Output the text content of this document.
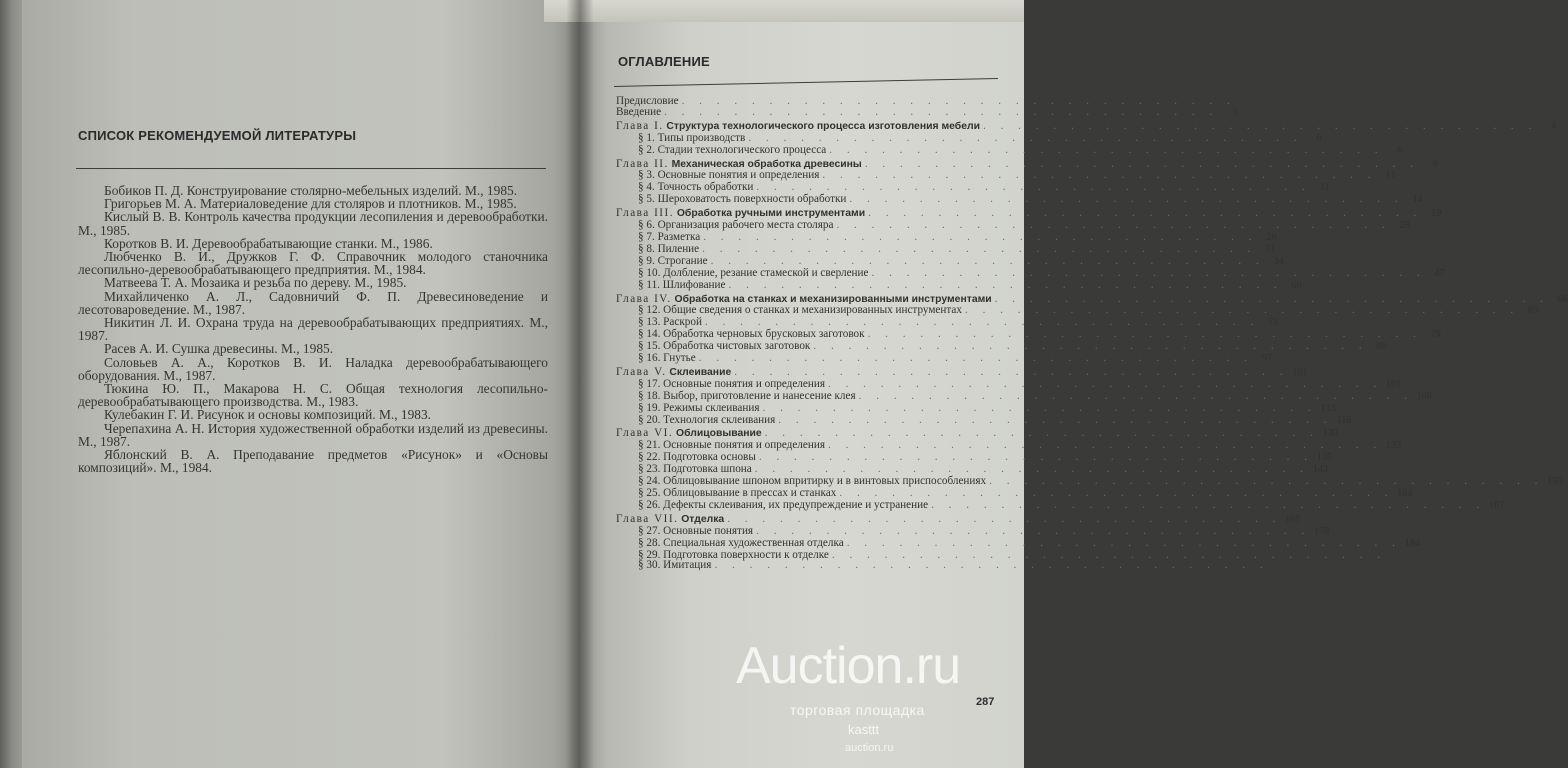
СПИСОК РЕКОМЕНДУЕМОЙ ЛИТЕРАТУРЫ

Бобиков П. Д. Конструирование столярно-мебельных изделий. М., 1985.

Григорьев М. А. Материаловедение для столяров и плотников. М., 1985.

Кислый В. В. Контроль качества продукции лесопиления и деревообработки. М., 1985.

Коротков В. И. Деревообрабатывающие станки. М., 1986.

Любченко В. И., Дружков Г. Ф. Справочник молодого станочника лесопильно-деревообрабатывающего предприятия. М., 1984.

Матвеева Т. А. Мозаика и резьба по дереву. М., 1985.

Михайличенко А. Л., Садовничий Ф. П. Древесиноведение и лесотовароведение. М., 1987.

Никитин Л. И. Охрана труда на деревообрабатывающих предприятиях. М., 1987.

Расев А. И. Сушка древесины. М., 1985.

Соловьев А. А., Коротков В. И. Наладка деревообрабатывающего оборудования. М., 1987.

Тюкина Ю. П., Макарова Н. С. Общая технология лесопильно-деревообрабатывающего производства. М., 1983.

Кулебакин Г. И. Рисунок и основы композиций. М., 1983.

Черепахина А. Н. История художественной обработки изделий из древесины. М., 1987.

Яблонский В. А. Преподавание предметов «Рисунок» и «Основы композиций». М., 1984.

ОГЛАВЛЕНИЕ
Предисловие . . . . . . . . . . . . . . . . . . . . . . . . . . . . . . . .
Введение . . . . . . . . . . . . . . . . . . . . . . . . . . . . . . . .	3
Глава I. Структура технологического процесса изготовления мебели . . . . . . . . . . . . . . . . . . . . . . . . . . . . . . . .	4
§ 1. Типы производств . . . . . . . . . . . . . . . . . . . . . . . . . . . . . . . .	6
§ 2. Стадии технологического процесса . . . . . . . . . . . . . . . . . . . . . . . . . . . . . . . .	6
Глава II. Механическая обработка древесины . . . . . . . . . . . . . . . . . . . . . . . . . . . . . . . .	8
§ 3. Основные понятия и определения . . . . . . . . . . . . . . . . . . . . . . . . . . . . . . . . 11
§ 4. Точность обработки . . . . . . . . . . . . . . . . . . . . . . . . . . . . . . . . 11
§ 5. Шероховатость поверхности обработки . . . . . . . . . . . . . . . . . . . . . . . . . . . . . . . . 14
Глава III. Обработка ручными инструментами . . . . . . . . . . . . . . . . . . . . . . . . . . . . . . . . 19
§ 6. Организация рабочего места столяра . . . . . . . . . . . . . . . . . . . . . . . . . . . . . . . . 28
§ 7. Разметка . . . . . . . . . . . . . . . . . . . . . . . . . . . . . . . . 28
§ 8. Пиление . . . . . . . . . . . . . . . . . . . . . . . . . . . . . . . . 31
§ 9. Строгание . . . . . . . . . . . . . . . . . . . . . . . . . . . . . . . . 34
§ 10. Долбление, резание стамеской и сверление . . . . . . . . . . . . . . . . . . . . . . . . . . . . . . . . 47
§ 11. Шлифование . . . . . . . . . . . . . . . . . . . . . . . . . . . . . . . . 60
Глава IV. Обработка на станках и механизированными инструментами . . . . . . . . . . . . . . . . . . . . . . . . . . . . . . . . 66
§ 12. Общие сведения о станках и механизированных инструментах . . . . . . . . . . . . . . . . . . . . . . . . . . . . . . . . 69
§ 13. Раскрой . . . . . . . . . . . . . . . . . . . . . . . . . . . . . . . . 73
§ 14. Обработка черновых брусковых заготовок . . . . . . . . . . . . . . . . . . . . . . . . . . . . . . . . 79
§ 15. Обработка чистовых заготовок . . . . . . . . . . . . . . . . . . . . . . . . . . . . . . . . 86
§ 16. Гнутье . . . . . . . . . . . . . . . . . . . . . . . . . . . . . . . . 97
Глава V. Склеивание . . . . . . . . . . . . . . . . . . . . . . . . . . . . . . . . 101
§ 17. Основные понятия и определения . . . . . . . . . . . . . . . . . . . . . . . . . . . . . . . . 101
§ 18. Выбор, приготовление и нанесение клея . . . . . . . . . . . . . . . . . . . . . . . . . . . . . . . . 108
§ 19. Режимы склеивания . . . . . . . . . . . . . . . . . . . . . . . . . . . . . . . . 113
§ 20. Технология склеивания . . . . . . . . . . . . . . . . . . . . . . . . . . . . . . . . 116
Глава VI. Облицовывание . . . . . . . . . . . . . . . . . . . . . . . . . . . . . . . . 130
§ 21. Основные понятия и определения . . . . . . . . . . . . . . . . . . . . . . . . . . . . . . . . 133
§ 22. Подготовка основы . . . . . . . . . . . . . . . . . . . . . . . . . . . . . . . . 135
§ 23. Подготовка шпона . . . . . . . . . . . . . . . . . . . . . . . . . . . . . . . . 143
§ 24. Облицовывание шпоном впритирку и в винтовых приспособлениях . . . . . . . . . . . . . . . . . . . . . . . . . . . . . . . . 150
§ 25. Облицовывание в прессах и станках . . . . . . . . . . . . . . . . . . . . . . . . . . . . . . . . 164
§ 26. Дефекты склеивания, их предупреждение и устранение . . . . . . . . . . . . . . . . . . . . . . . . . . . . . . . . 167
Глава VII. Отделка . . . . . . . . . . . . . . . . . . . . . . . . . . . . . . . . 169
§ 27. Основные понятия . . . . . . . . . . . . . . . . . . . . . . . . . . . . . . . . 178
§ 28. Специальная художественная отделка . . . . . . . . . . . . . . . . . . . . . . . . . . . . . . . . 184
§ 29. Подготовка поверхности к отделке . . . . . . . . . . . . . . . . . . . . . . . . . . . . . . . .
§ 30. Имитация . . . . . . . . . . . . . . . . . . . . . . . . . . . . . . . .
287
Auction.ru
торговая площадка
kasttt
auction.ru
